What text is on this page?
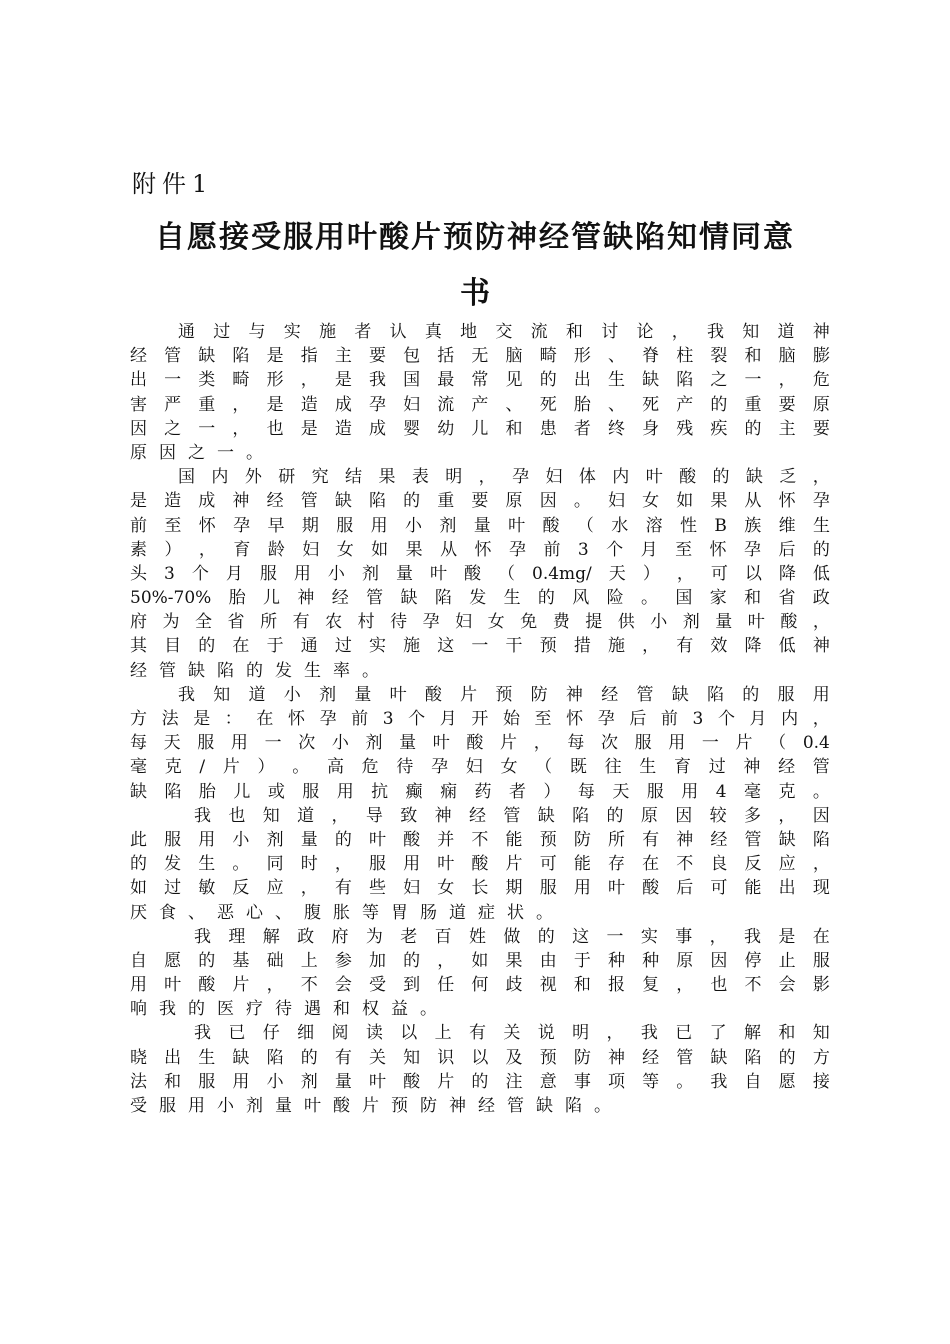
附件1
自愿接受服用叶酸片预防神经管缺陷知情同意
书
通 过 与 实 施 者 认 真 地 交 流 和 讨 论 ， 我 知 道 神
经 管 缺 陷 是 指 主 要 包 括 无 脑 畸 形 、 脊 柱 裂 和 脑 膨
出 一 类 畸 形 ， 是 我 国 最 常 见 的 出 生 缺 陷 之 一 ， 危
害 严 重 ， 是 造 成 孕 妇 流 产 、 死 胎 、 死 产 的 重 要 原
因 之 一 ， 也 是 造 成 婴 幼 儿 和 患 者 终 身 残 疾 的 主 要
原因之一。
国 内 外 研 究 结 果 表 明 ， 孕 妇 体 内 叶 酸 的 缺 乏 ，
是 造 成 神 经 管 缺 陷 的 重 要 原 因 。 妇 女 如 果 从 怀 孕
前 至 怀 孕 早 期 服 用 小 剂 量 叶 酸 （ 水 溶 性 B 族 维 生
素 ） ， 育 龄 妇 女 如 果 从 怀 孕 前 3 个 月 至 怀 孕 后 的
头 3 个 月 服 用 小 剂 量 叶 酸 （ 0.4mg/ 天 ） ， 可 以 降 低
50%-70% 胎 儿 神 经 管 缺 陷 发 生 的 风 险 。 国 家 和 省 政
府 为 全 省 所 有 农 村 待 孕 妇 女 免 费 提 供 小 剂 量 叶 酸 ，
其 目 的 在 于 通 过 实 施 这 一 干 预 措 施 ， 有 效 降 低 神
经管缺陷的发生率。
我 知 道 小 剂 量 叶 酸 片 预 防 神 经 管 缺 陷 的 服 用
方 法 是 ： 在 怀 孕 前 3 个 月 开 始 至 怀 孕 后 前 3 个 月 内 ，
每 天 服 用 一 次 小 剂 量 叶 酸 片 ， 每 次 服 用 一 片 （ 0.4
毫 克 / 片 ） 。 高 危 待 孕 妇 女 （ 既 往 生 育 过 神 经 管
缺 陷 胎 儿 或 服 用 抗 癫 痫 药 者 ） 每 天 服 用 4 毫 克 。
我 也 知 道 ， 导 致 神 经 管 缺 陷 的 原 因 较 多 ， 因
此 服 用 小 剂 量 的 叶 酸 并 不 能 预 防 所 有 神 经 管 缺 陷
的 发 生 。 同 时 ， 服 用 叶 酸 片 可 能 存 在 不 良 反 应 ，
如 过 敏 反 应 ， 有 些 妇 女 长 期 服 用 叶 酸 后 可 能 出 现
厌食、恶心、腹胀等胃肠道症状。
我 理 解 政 府 为 老 百 姓 做 的 这 一 实 事 ， 我 是 在
自 愿 的 基 础 上 参 加 的 ， 如 果 由 于 种 种 原 因 停 止 服
用 叶 酸 片 ， 不 会 受 到 任 何 歧 视 和 报 复 ， 也 不 会 影
响我的医疗待遇和权益。
我 已 仔 细 阅 读 以 上 有 关 说 明 ， 我 已 了 解 和 知
晓 出 生 缺 陷 的 有 关 知 识 以 及 预 防 神 经 管 缺 陷 的 方
法 和 服 用 小 剂 量 叶 酸 片 的 注 意 事 项 等 。 我 自 愿 接
受服用小剂量叶酸片预防神经管缺陷。
